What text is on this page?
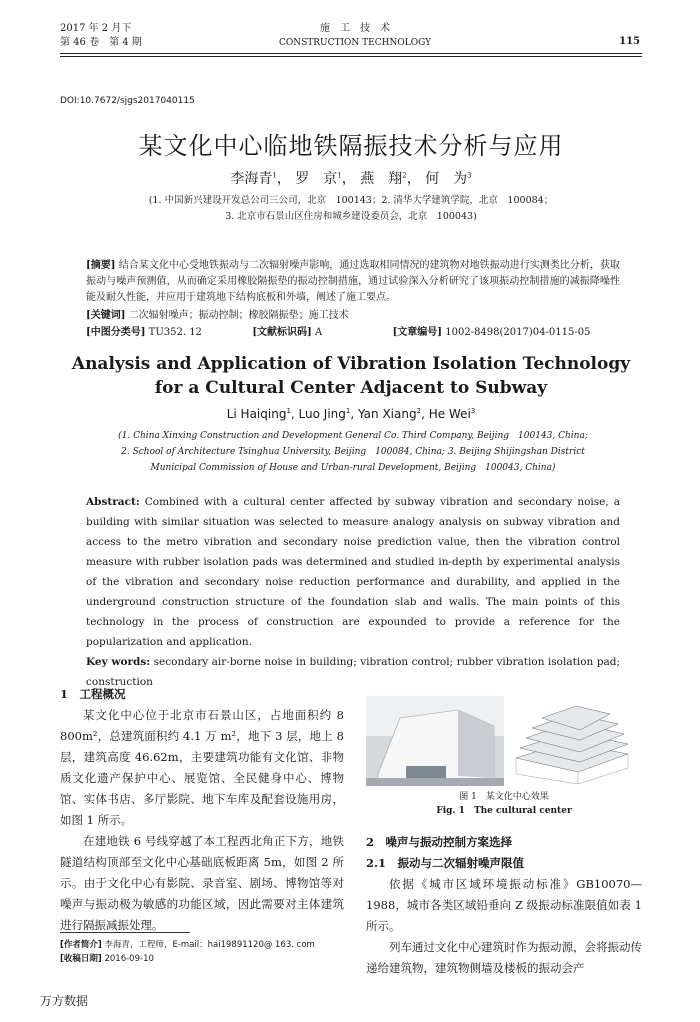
2017 年 2 月下
第 46 卷　第 4 期
施　工　技　术
CONSTRUCTION TECHNOLOGY	115
DOI:10.7672/sjgs2017040115
某文化中心临地铁隔振技术分析与应用
李海青$^1$， 罗　京$^1$， 燕　翔$^2$， 何　为$^3$
(1. 中国新兴建设开发总公司三公司，北京　100143；2. 清华大学建筑学院，北京　100084；
3. 北京市石景山区住房和城乡建设委员会，北京　100043)
[摘要] 结合某文化中心受地铁振动与二次辐射噪声影响，通过选取相同情况的建筑物对地铁振动进行实测类比分析，获取振动与噪声预测值，从而确定采用橡胶隔振垫的振动控制措施，通过试验深入分析研究了该项振动控制措施的减振降噪性能及耐久性能，并应用于建筑地下结构底板和外墙，阐述了施工要点。
[关键词] 二次辐射噪声；振动控制；橡胶隔振垫；施工技术
[中图分类号] TU352. 12	[文献标识码] A	[文章编号] 1002-8498(2017)04-0115-05
Analysis and Application of Vibration Isolation Technology
for a Cultural Center Adjacent to Subway
Li Haiqing$^1$, Luo Jing$^1$, Yan Xiang$^2$, He Wei$^3$
(1. China Xinxing Construction and Development General Co. Third Company, Beijing　100143, China;
2. School of Architecture Tsinghua University, Beijing　100084, China; 3. Beijing Shijingshan District
Municipal Commission of House and Urban-rural Development, Beijing　100043, China)
Abstract: Combined with a cultural center affected by subway vibration and secondary noise, a building with similar situation was selected to measure analogy analysis on subway vibration and access to the metro vibration and secondary noise prediction value, then the vibration control measure with rubber isolation pads was determined and studied in-depth by experimental analysis of the vibration and secondary noise reduction performance and durability, and applied in the underground construction structure of the foundation slab and walls. The main points of this technology in the process of construction are expounded to provide a reference for the popularization and application.
Key words: secondary air-borne noise in building; vibration control; rubber vibration isolation pad; construction
1　工程概况
某文化中心位于北京市石景山区，占地面积约 8 800m²，总建筑面积约 4.1 万 m²，地下 3 层，地上 8 层，建筑高度 46.62m，主要建筑功能有文化馆、非物质文化遗产保护中心、展览馆、全民健身中心、博物馆、实体书店、多厅影院、地下车库及配套设施用房，如图 1 所示。
在建地铁 6 号线穿越了本工程西北角正下方，地铁隧道结构顶部至文化中心基础底板距离 5m，如图 2 所示。由于文化中心有影院、录音室、剧场、博物馆等对噪声与振动极为敏感的功能区域，因此需要对主体建筑进行隔振减振处理。
图 1　某文化中心效果
Fig. 1　The cultural center
2　噪声与振动控制方案选择
2.1　振动与二次辐射噪声限值
依据《城市区域环境振动标准》GB10070—1988，城市各类区域铅垂向 Z 级振动标准限值如表 1 所示。
列车通过文化中心建筑时作为振动源，会将振动传递给建筑物，建筑物侧墙及楼板的振动会产
[作者简介] 李海青，工程师，E-mail：hai19891120@ 163. com
[收稿日期] 2016-09-10
万方数据
